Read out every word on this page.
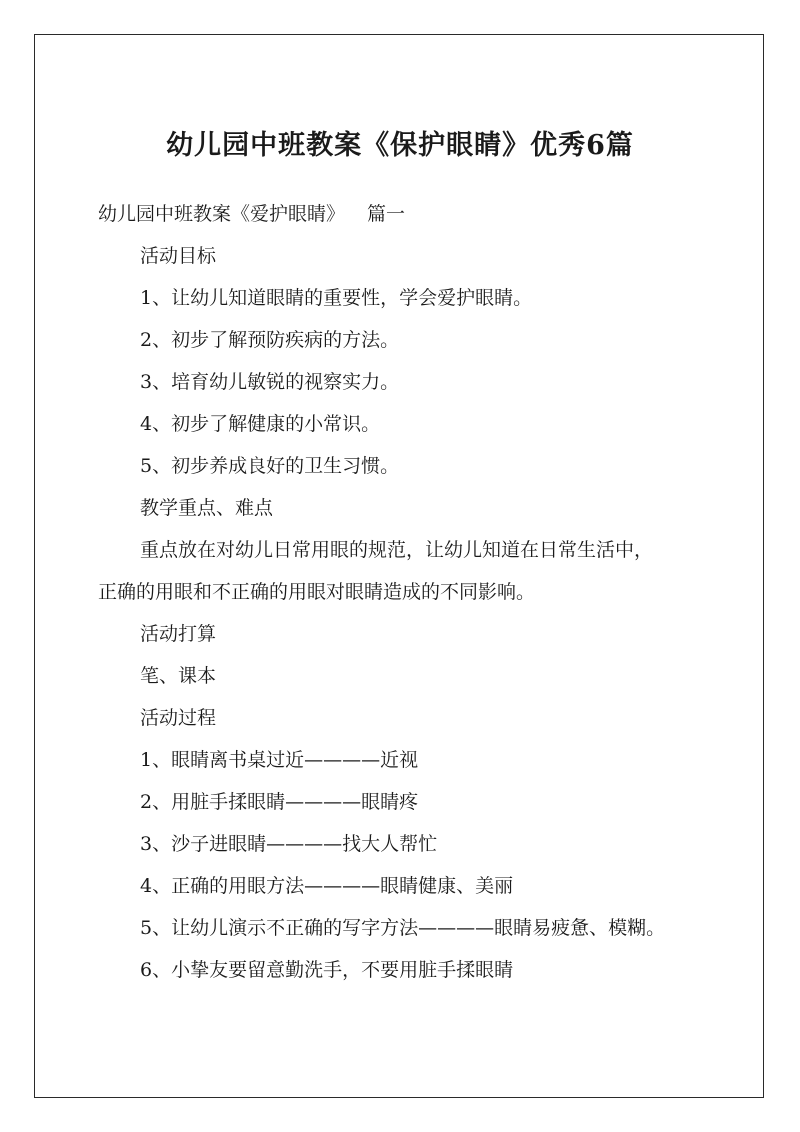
幼儿园中班教案《保护眼睛》优秀6篇
幼儿园中班教案《爱护眼睛》 篇一
活动目标
1、让幼儿知道眼睛的重要性，学会爱护眼睛。
2、初步了解预防疾病的方法。
3、培育幼儿敏锐的视察实力。
4、初步了解健康的小常识。
5、初步养成良好的卫生习惯。
教学重点、难点
重点放在对幼儿日常用眼的规范，让幼儿知道在日常生活中，
正确的用眼和不正确的用眼对眼睛造成的不同影响。
活动打算
笔、课本
活动过程
1、眼睛离书桌过近————近视
2、用脏手揉眼睛————眼睛疼
3、沙子进眼睛————找大人帮忙
4、正确的用眼方法————眼睛健康、美丽
5、让幼儿演示不正确的写字方法————眼睛易疲惫、模糊。
6、小挚友要留意勤洗手，不要用脏手揉眼睛
